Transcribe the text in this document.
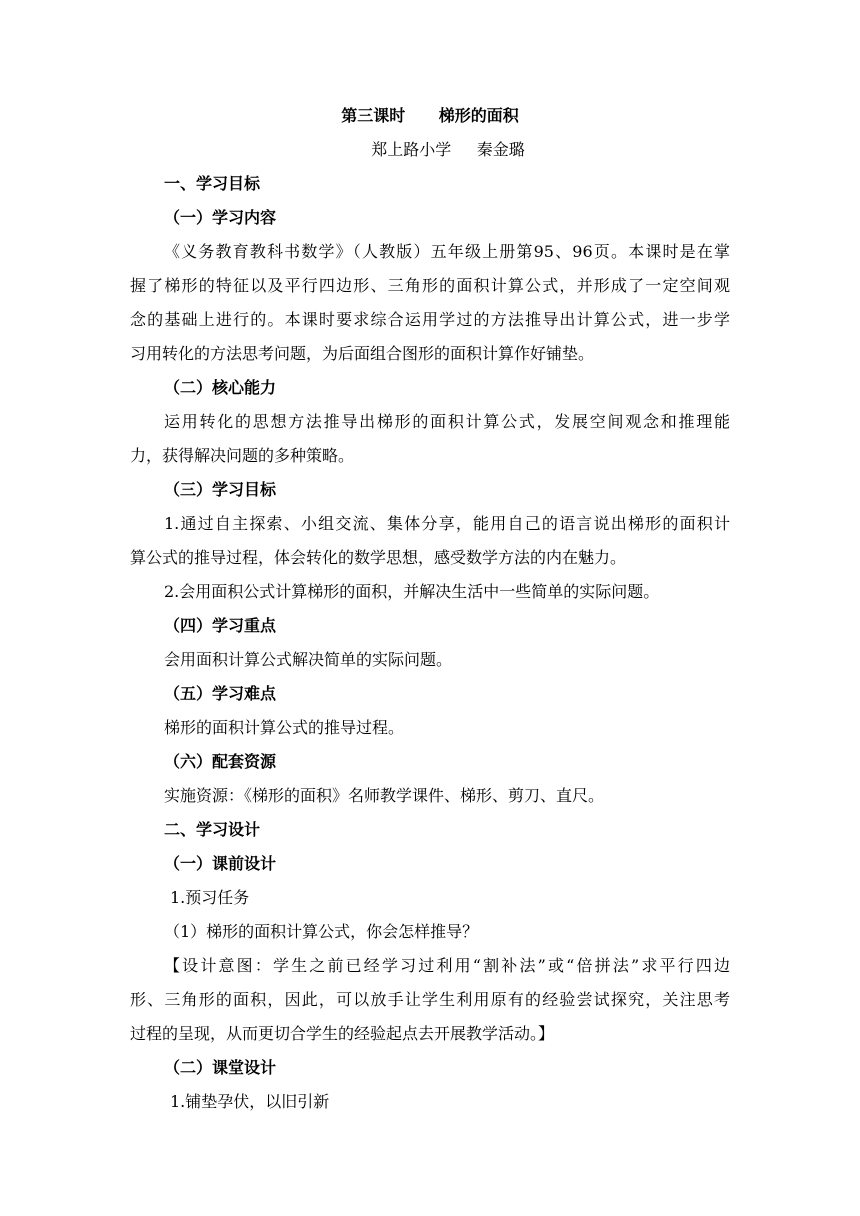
第三课时      梯形的面积
郑上路小学     秦金璐
一、学习目标
（一）学习内容
《义务教育教科书数学》（人教版）五年级上册第95、96页。本课时是在掌
握了梯形的特征以及平行四边形、三角形的面积计算公式，并形成了一定空间观
念的基础上进行的。本课时要求综合运用学过的方法推导出计算公式，进一步学
习用转化的方法思考问题，为后面组合图形的面积计算作好铺垫。
（二）核心能力
运用转化的思想方法推导出梯形的面积计算公式，发展空间观念和推理能
力，获得解决问题的多种策略。
（三）学习目标
1.通过自主探索、小组交流、集体分享，能用自己的语言说出梯形的面积计
算公式的推导过程，体会转化的数学思想，感受数学方法的内在魅力。
2.会用面积公式计算梯形的面积，并解决生活中一些简单的实际问题。
（四）学习重点
会用面积计算公式解决简单的实际问题。
（五）学习难点
梯形的面积计算公式的推导过程。
（六）配套资源
实施资源：《梯形的面积》名师教学课件、梯形、剪刀、直尺。
二、学习设计
（一）课前设计
1.预习任务
（1）梯形的面积计算公式，你会怎样推导？
【设计意图：学生之前已经学习过利用“割补法”或“倍拼法”求平行四边
形、三角形的面积，因此，可以放手让学生利用原有的经验尝试探究，关注思考
过程的呈现，从而更切合学生的经验起点去开展教学活动。】
（二）课堂设计
1.铺垫孕伏，以旧引新
